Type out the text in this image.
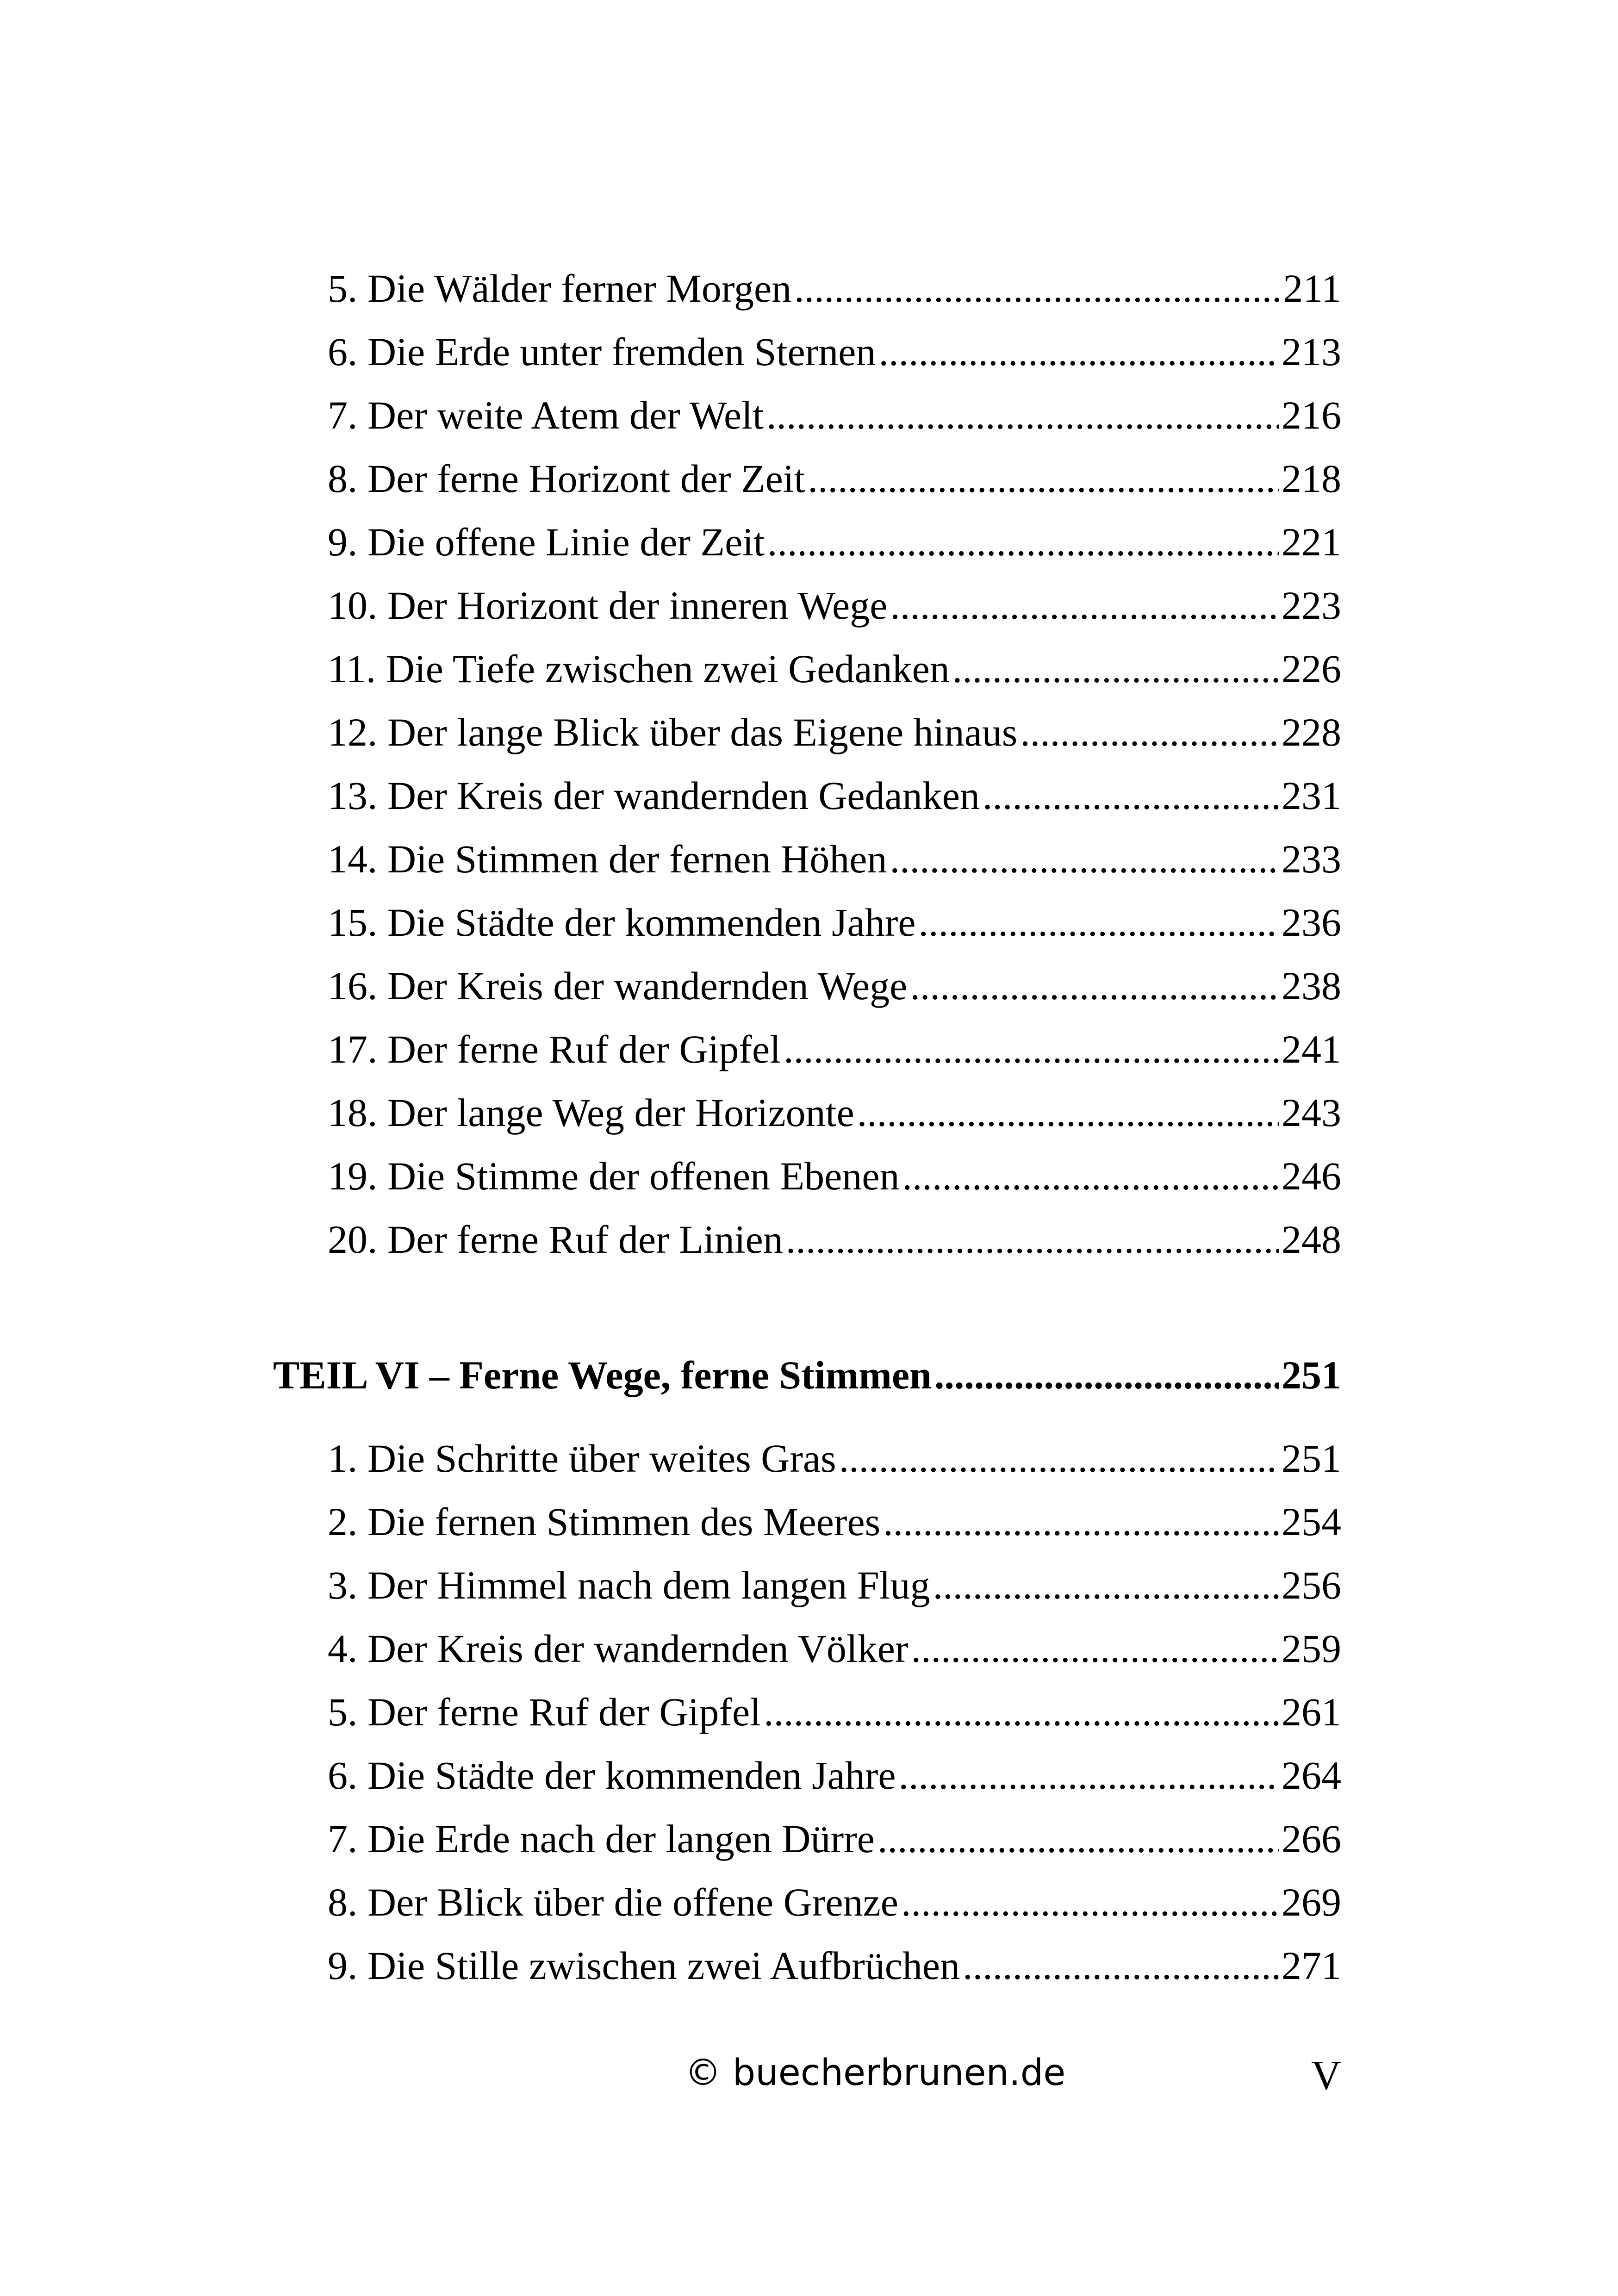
5. Die Wälder ferner Morgen .....	211
6. Die Erde unter fremden Sternen .....	213
7. Der weite Atem der Welt .....	216
8. Der ferne Horizont der Zeit .....	218
9. Die offene Linie der Zeit .....	221
10. Der Horizont der inneren Wege .....	223
11. Die Tiefe zwischen zwei Gedanken .....	226
12. Der lange Blick über das Eigene hinaus .....	228
13. Der Kreis der wandernden Gedanken .....	231
14. Die Stimmen der fernen Höhen .....	233
15. Die Städte der kommenden Jahre .....	236
16. Der Kreis der wandernden Wege .....	238
17. Der ferne Ruf der Gipfel .....	241
18. Der lange Weg der Horizonte .....	243
19. Die Stimme der offenen Ebenen .....	246
20. Der ferne Ruf der Linien .....	248
TEIL VI – Ferne Wege, ferne Stimmen .....	251
1. Die Schritte über weites Gras .....	251
2. Die fernen Stimmen des Meeres .....	254
3. Der Himmel nach dem langen Flug .....	256
4. Der Kreis der wandernden Völker .....	259
5. Der ferne Ruf der Gipfel .....	261
6. Die Städte der kommenden Jahre .....	264
7. Die Erde nach der langen Dürre .....	266
8. Der Blick über die offene Grenze .....	269
9. Die Stille zwischen zwei Aufbrüchen .....	271
© buecherbrunen.de	V
